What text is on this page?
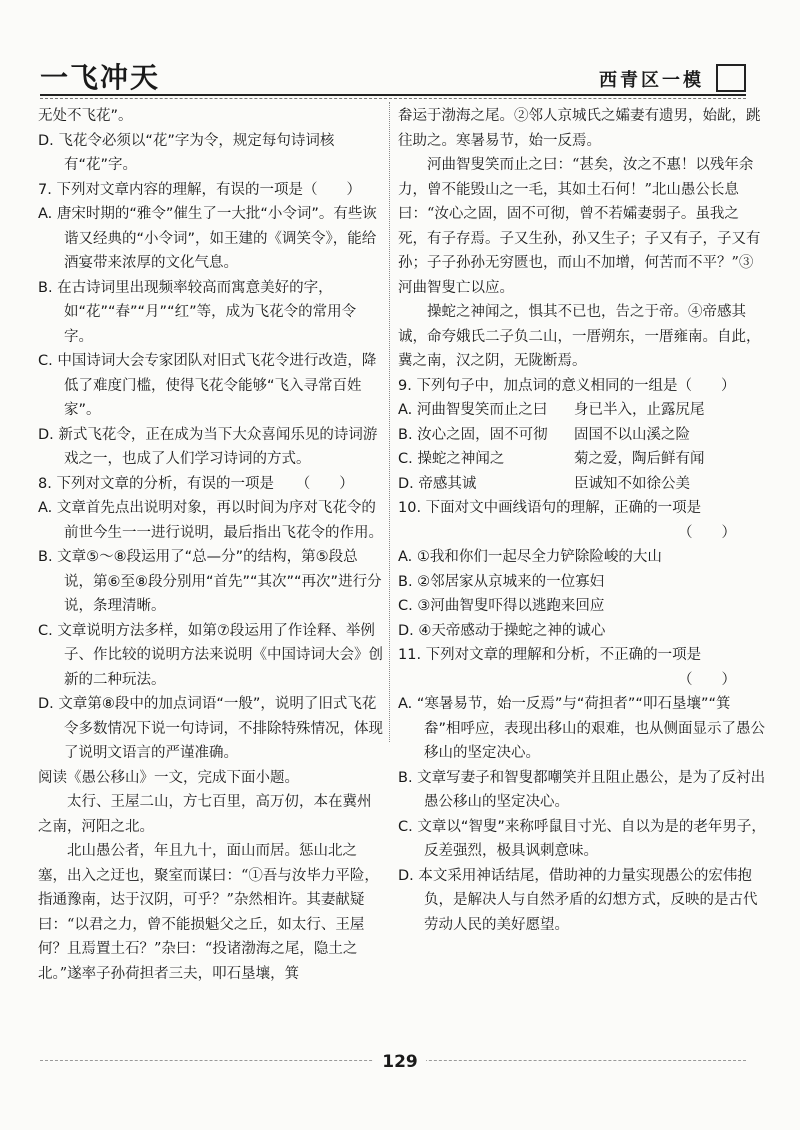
一飞冲天	西青区一模
无处不飞花”。
D. 飞花令必须以“花”字为令，规定每句诗词核有“花”字。
7. 下列对文章内容的理解，有误的一项是（　　）
A. 唐宋时期的“雅令”催生了一大批“小令词”。有些诙谐又经典的“小令词”，如王建的《调笑令》，能给酒宴带来浓厚的文化气息。
B. 在古诗词里出现频率较高而寓意美好的字，如“花”“春”“月”“红”等，成为飞花令的常用令字。
C. 中国诗词大会专家团队对旧式飞花令进行改造，降低了难度门槛，使得飞花令能够“飞入寻常百姓家”。
D. 新式飞花令，正在成为当下大众喜闻乐见的诗词游戏之一，也成了人们学习诗词的方式。
8. 下列对文章的分析，有误的一项是　　（　　）
A. 文章首先点出说明对象，再以时间为序对飞花令的前世今生一一进行说明，最后指出飞花令的作用。
B. 文章⑤～⑧段运用了“总—分”的结构，第⑤段总说，第⑥至⑧段分别用“首先”“其次”“再次”进行分说，条理清晰。
C. 文章说明方法多样，如第⑦段运用了作诠释、举例子、作比较的说明方法来说明《中国诗词大会》创新的二种玩法。
D. 文章第⑧段中的加点词语“一般”，说明了旧式飞花令多数情况下说一句诗词，不排除特殊情况，体现了说明文语言的严谨准确。
阅读《愚公移山》一文，完成下面小题。
太行、王屋二山，方七百里，高万仞，本在冀州之南，河阳之北。
北山愚公者，年且九十，面山而居。惩山北之塞，出入之迂也，聚室而谋曰：“①吾与汝毕力平险，指通豫南，达于汉阴，可乎？”杂然相许。其妻献疑曰：“以君之力，曾不能损魁父之丘，如太行、王屋何？且焉置土石？”杂曰：“投诸渤海之尾，隐土之北。”遂率子孙荷担者三夫，叩石垦壤，箕
畚运于渤海之尾。②邻人京城氏之孀妻有遗男，始龀，跳往助之。寒暑易节，始一反焉。
河曲智叟笑而止之曰：“甚矣，汝之不惠！以残年余力，曾不能毁山之一毛，其如土石何！”北山愚公长息曰：“汝心之固，固不可彻，曾不若孀妻弱子。虽我之死，有子存焉。子又生孙，孙又生子；子又有子，子又有孙；子子孙孙无穷匮也，而山不加增，何苦而不平？”③河曲智叟亡以应。
操蛇之神闻之，惧其不已也，告之于帝。④帝感其诚，命夸娥氏二子负二山，一厝朔东，一厝雍南。自此，冀之南，汉之阴，无陇断焉。
9. 下列句子中，加点词的意义相同的一组是（　　）
A. 河曲智叟笑而止之曰	身已半入，止露尻尾
B. 汝心之固，固不可彻	固国不以山溪之险
C. 操蛇之神闻之	菊之爱，陶后鲜有闻
D. 帝感其诚	臣诚知不如徐公美
10. 下面对文中画线语句的理解，正确的一项是
（　　）
A. ①我和你们一起尽全力铲除险峻的大山
B. ②邻居家从京城来的一位寡妇
C. ③河曲智叟吓得以逃跑来回应
D. ④天帝感动于操蛇之神的诚心
11. 下列对文章的理解和分析，不正确的一项是
（　　）
A. “寒暑易节，始一反焉”与“荷担者”“叩石垦壤”“箕畚”相呼应，表现出移山的艰难，也从侧面显示了愚公移山的坚定决心。
B. 文章写妻子和智叟都嘲笑并且阻止愚公，是为了反衬出愚公移山的坚定决心。
C. 文章以“智叟”来称呼鼠目寸光、自以为是的老年男子，反差强烈，极具讽刺意味。
D. 本文采用神话结尾，借助神的力量实现愚公的宏伟抱负，是解决人与自然矛盾的幻想方式，反映的是古代劳动人民的美好愿望。
129
